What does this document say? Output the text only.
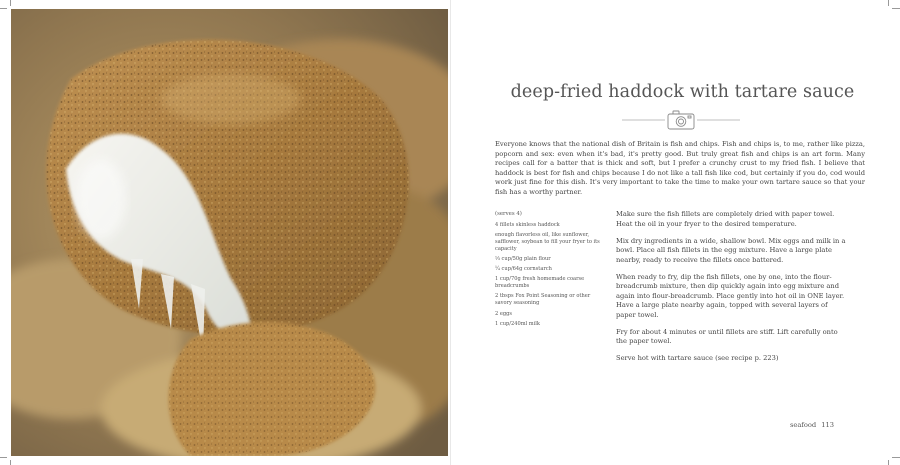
deep-fried haddock with tartare sauce
Everyone knows that the national dish of Britain is fish and chips. Fish and chips is, to me, rather like pizza, popcorn and sex: even when it's bad, it's pretty good. But truly great fish and chips is an art form. Many recipes call for a batter that is thick and soft, but I prefer a crunchy crust to my fried fish. I believe that haddock is best for fish and chips because I do not like a tall fish like cod, but certainly if you do, cod would work just fine for this dish. It's very important to take the time to make your own tartare sauce so that your fish has a worthy partner.
(serves 4)
4 fillets skinless haddock
enough flavorless oil, like sunflower, safflower, soybean to fill your fryer to its capacity
⅓ cup/50g plain flour
¼ cup/64g cornstarch
1 cup/70g fresh homemade coarse breadcrumbs
2 tbsps Fox Point Seasoning or other savory seasoning
2 eggs
1 cup/240ml milk

Make sure the fish fillets are completely dried with paper towel. Heat the oil in your fryer to the desired temperature.

Mix dry ingredients in a wide, shallow bowl. Mix eggs and milk in a bowl. Place all fish fillets in the egg mixture. Have a large plate nearby, ready to receive the fillets once battered.

When ready to fry, dip the fish fillets, one by one, into the flour-breadcrumb mixture, then dip quickly again into egg mixture and again into flour-breadcrumb. Place gently into hot oil in ONE layer. Have a large plate nearby again, topped with several layers of paper towel.

Fry for about 4 minutes or until fillets are stiff. Lift carefully onto the paper towel.

Serve hot with tartare sauce (see recipe p. 223)

seafood 113
